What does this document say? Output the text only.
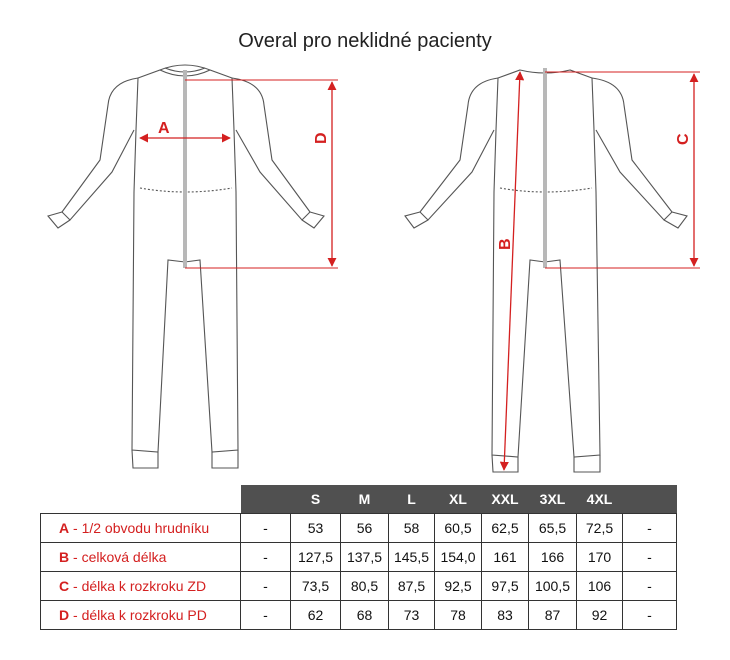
Overal pro neklidné pacienty
A
D
B
C
		S	M	L	XL	XXL	3XL	4XL	
A - 1/2 obvodu hrudníku	-	53	56	58	60,5	62,5	65,5	72,5	-
B - celková délka	-	127,5	137,5	145,5	154,0	161	166	170	-
C - délka k rozkroku ZD	-	73,5	80,5	87,5	92,5	97,5	100,5	106	-
D - délka k rozkroku PD	-	62	68	73	78	83	87	92	-
